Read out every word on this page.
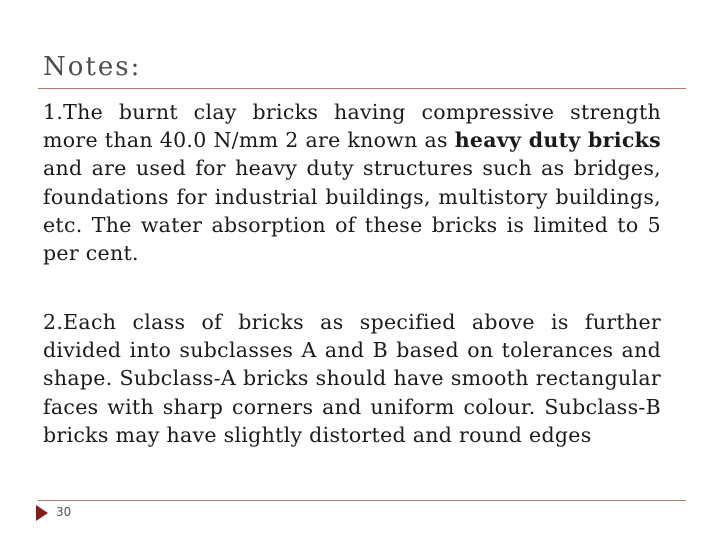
Notes:
1.The burnt clay bricks having compressive strength more than 40.0 N/mm 2 are known as heavy duty bricks and are used for heavy duty structures such as bridges, foundations for industrial buildings, multistory buildings, etc. The water absorption of these bricks is limited to 5 per cent.
2.Each class of bricks as specified above is further divided into subclasses A and B based on tolerances and shape. Subclass-A bricks should have smooth rectangular faces with sharp corners and uniform colour. Subclass-B bricks may have slightly distorted and round edges
30
